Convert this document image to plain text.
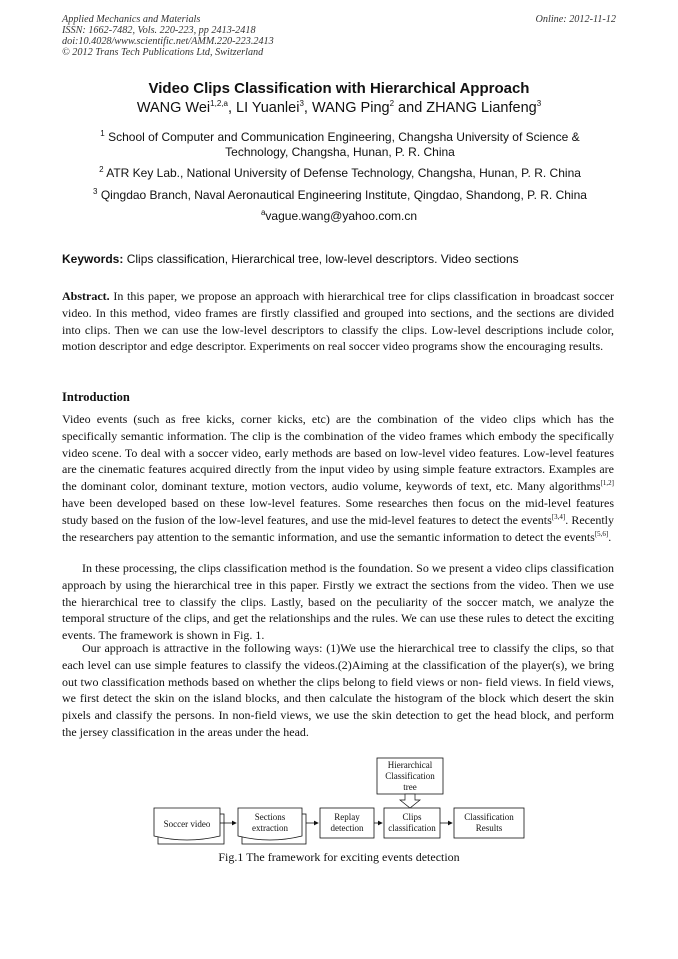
Applied Mechanics and Materials
ISSN: 1662-7482, Vols. 220-223, pp 2413-2418
doi:10.4028/www.scientific.net/AMM.220-223.2413
© 2012 Trans Tech Publications Ltd, Switzerland
Online: 2012-11-12
Video Clips Classification with Hierarchical Approach
WANG Wei$^{1,2,a}$, LI Yuanlei$^3$, WANG Ping$^2$ and ZHANG Lianfeng$^3$
$^1$ School of Computer and Communication Engineering, Changsha University of Science & Technology, Changsha, Hunan, P. R. China
$^2$ ATR Key Lab., National University of Defense Technology, Changsha, Hunan, P. R. China
$^3$ Qingdao Branch, Naval Aeronautical Engineering Institute, Qingdao, Shandong, P. R. China
$^a$vague.wang@yahoo.com.cn
Keywords: Clips classification, Hierarchical tree, low-level descriptors. Video sections
Abstract. In this paper, we propose an approach with hierarchical tree for clips classification in broadcast soccer video. In this method, video frames are firstly classified and grouped into sections, and the sections are divided into clips. Then we can use the low-level descriptors to classify the clips. Low-level descriptions include color, motion descriptor and edge descriptor. Experiments on real soccer video programs show the encouraging results.
Introduction
Video events (such as free kicks, corner kicks, etc) are the combination of the video clips which has the specifically semantic information. The clip is the combination of the video frames which embody the specifically video scene. To deal with a soccer video, early methods are based on low-level video features. Low-level features are the cinematic features acquired directly from the input video by using simple feature extractors. Examples are the dominant color, dominant texture, motion vectors, audio volume, keywords of text, etc. Many algorithms[1,2] have been developed based on these low-level features. Some researches then focus on the mid-level features study based on the fusion of the low-level features, and use the mid-level features to detect the events[3,4]. Recently the researchers pay attention to the semantic information, and use the semantic information to detect the events[5,6].
In these processing, the clips classification method is the foundation. So we present a video clips classification approach by using the hierarchical tree in this paper. Firstly we extract the sections from the video. Then we use the hierarchical tree to classify the clips. Lastly, based on the peculiarity of the soccer match, we analyze the temporal structure of the clips, and get the relationships and the rules. We can use these rules to detect the exciting events. The framework is shown in Fig. 1.
Our approach is attractive in the following ways: (1)We use the hierarchical tree to classify the clips, so that each level can use simple features to classify the videos.(2)Aiming at the classification of the player(s), we bring out two classification methods based on whether the clips belong to field views or non- field views. In field views, we first detect the skin on the island blocks, and then calculate the histogram of the block which desert the skin pixels and classify the persons. In non-field views, we use the skin detection to get the head block, and perform the jersey classification in the areas under the head.
Hierarchical
Classification
tree
Soccer video
Sections
extraction
Replay
detection
Clips
classification
Classification
Results
Fig.1 The framework for exciting events detection
